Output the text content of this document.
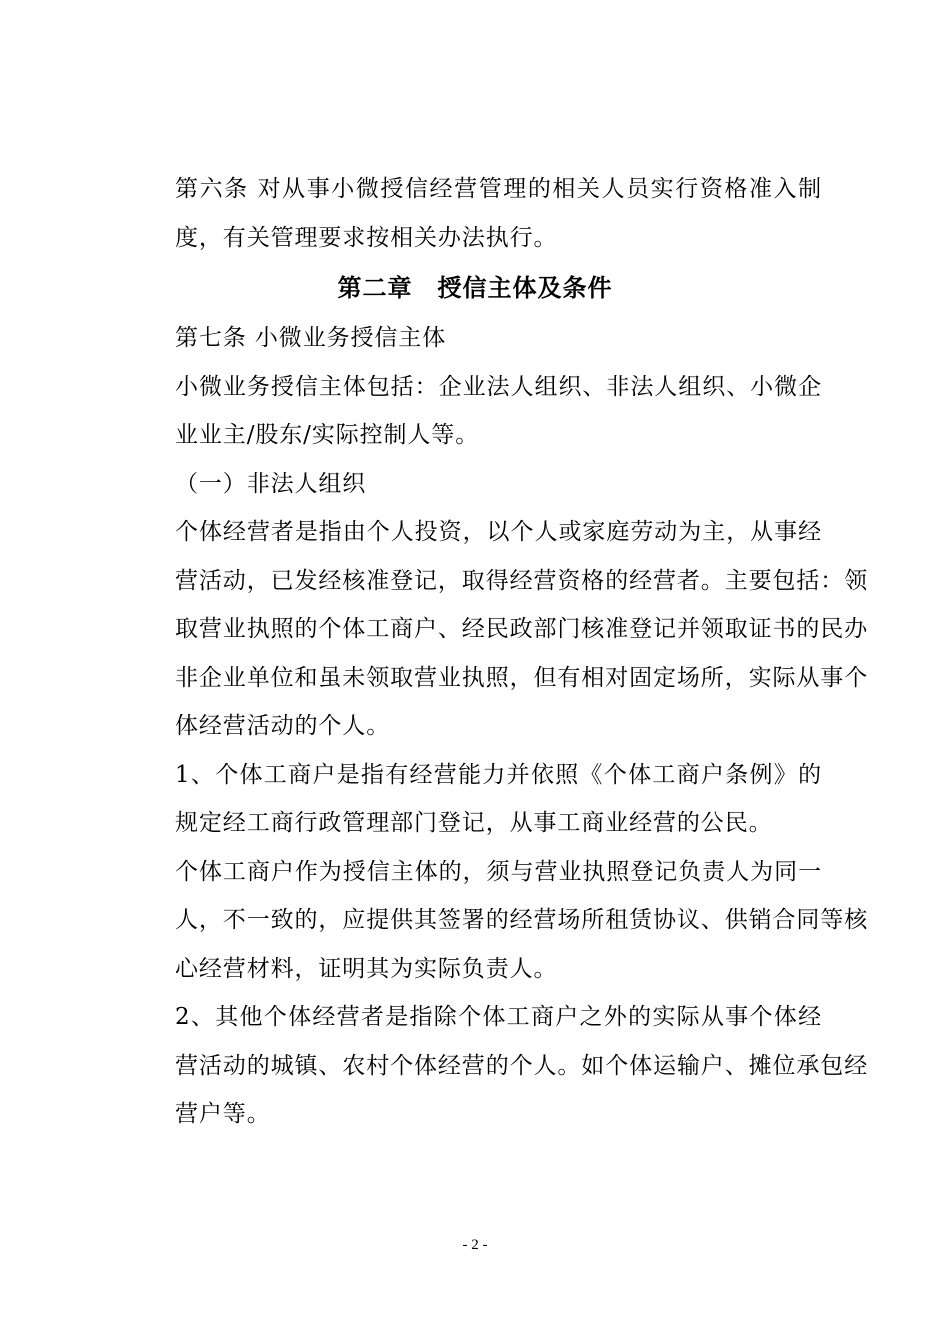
第六条 对从事小微授信经营管理的相关人员实行资格准入制
度，有关管理要求按相关办法执行。

第二章　授信主体及条件

第七条 小微业务授信主体

小微业务授信主体包括：企业法人组织、非法人组织、小微企
业业主/股东/实际控制人等。

（一）非法人组织

个体经营者是指由个人投资，以个人或家庭劳动为主，从事经
营活动，已发经核准登记，取得经营资格的经营者。主要包括：领
取营业执照的个体工商户、经民政部门核准登记并领取证书的民办
非企业单位和虽未领取营业执照，但有相对固定场所，实际从事个
体经营活动的个人。

1、个体工商户是指有经营能力并依照《个体工商户条例》的
规定经工商行政管理部门登记，从事工商业经营的公民。

个体工商户作为授信主体的，须与营业执照登记负责人为同一
人，不一致的，应提供其签署的经营场所租赁协议、供销合同等核
心经营材料，证明其为实际负责人。

2、其他个体经营者是指除个体工商户之外的实际从事个体经
营活动的城镇、农村个体经营的个人。如个体运输户、摊位承包经
营户等。

- 2 -
